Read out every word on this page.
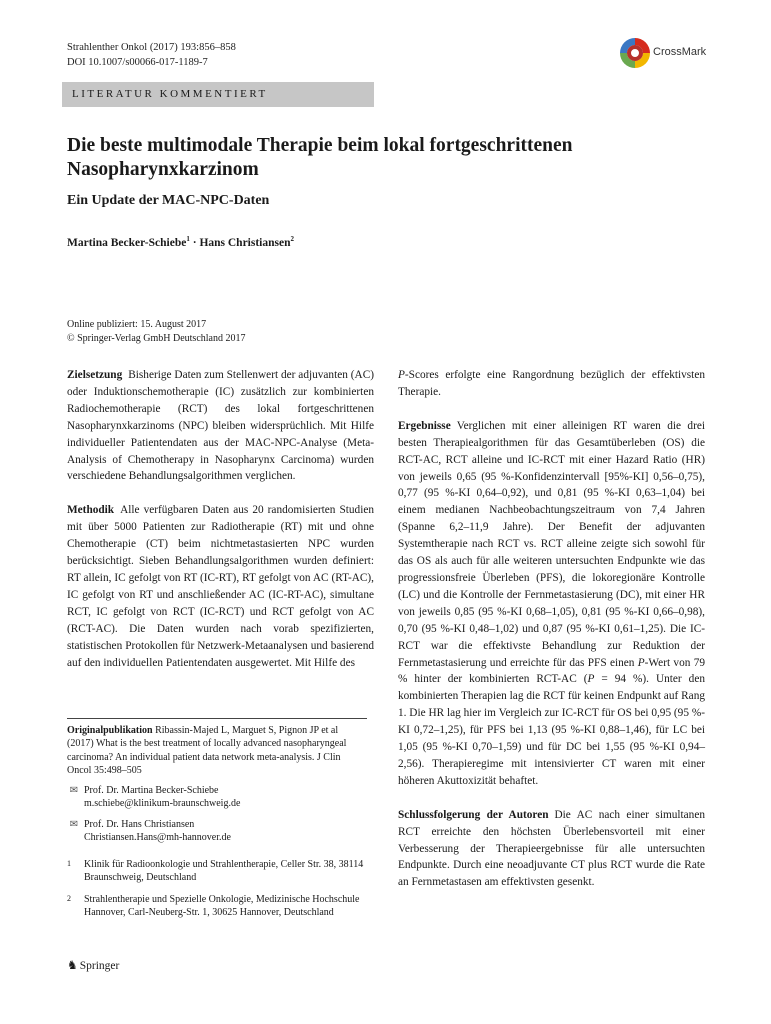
Strahlenther Onkol (2017) 193:856–858
DOI 10.1007/s00066-017-1189-7
CrossMark
LITERATUR KOMMENTIERT
Die beste multimodale Therapie beim lokal fortgeschrittenen Nasopharynxkarzinom
Ein Update der MAC-NPC-Daten
Martina Becker-Schiebe$^1$ · Hans Christiansen$^2$
Online publiziert: 15. August 2017
© Springer-Verlag GmbH Deutschland 2017

Zielsetzung Bisherige Daten zum Stellenwert der adjuvanten (AC) oder Induktionschemotherapie (IC) zusätzlich zur kombinierten Radiochemotherapie (RCT) des lokal fortgeschrittenen Nasopharynxkarzinoms (NPC) bleiben widersprüchlich. Mit Hilfe individueller Patientendaten aus der MAC-NPC-Analyse (Meta-Analysis of Chemotherapy in Nasopharynx Carcinoma) wurden verschiedene Behandlungsalgorithmen verglichen.

Methodik Alle verfügbaren Daten aus 20 randomisierten Studien mit über 5000 Patienten zur Radiotherapie (RT) mit und ohne Chemotherapie (CT) beim nichtmetastasierten NPC wurden berücksichtigt. Sieben Behandlungsalgorithmen wurden definiert: RT allein, IC gefolgt von RT (IC-RT), RT gefolgt von AC (RT-AC), IC gefolgt von RT und anschließender AC (IC-RT-AC), simultane RCT, IC gefolgt von RCT (IC-RCT) und RCT gefolgt von AC (RCT-AC). Die Daten wurden nach vorab spezifizierten, statistischen Protokollen für Netzwerk-Metaanalysen und basierend auf den individuellen Patientendaten ausgewertet. Mit Hilfe des

Originalpublikation Ribassin-Majed L, Marguet S, Pignon JP et al (2017) What is the best treatment of locally advanced nasopharyngeal carcinoma? An individual patient data network meta-analysis. J Clin Oncol 35:498–505
✉ Prof. Dr. Martina Becker-Schiebe
m.schiebe@klinikum-braunschweig.de
✉ Prof. Dr. Hans Christiansen
Christiansen.Hans@mh-hannover.de
1 Klinik für Radioonkologie und Strahlentherapie, Celler Str. 38, 38114 Braunschweig, Deutschland
2 Strahlentherapie und Spezielle Onkologie, Medizinische Hochschule Hannover, Carl-Neuberg-Str. 1, 30625 Hannover, Deutschland

P-Scores erfolgte eine Rangordnung bezüglich der effektivsten Therapie.

Ergebnisse Verglichen mit einer alleinigen RT waren die drei besten Therapiealgorithmen für das Gesamtüberleben (OS) die RCT-AC, RCT alleine und IC-RCT mit einer Hazard Ratio (HR) von jeweils 0,65 (95 %-Konfidenzintervall [95%-KI] 0,56–0,75), 0,77 (95 %-KI 0,64–0,92), und 0,81 (95 %-KI 0,63–1,04) bei einem medianen Nachbeobachtungszeitraum von 7,4 Jahren (Spanne 6,2–11,9 Jahre). Der Benefit der adjuvanten Systemtherapie nach RCT vs. RCT alleine zeigte sich sowohl für das OS als auch für alle weiteren untersuchten Endpunkte wie das progressionsfreie Überleben (PFS), die lokoregionäre Kontrolle (LC) und die Kontrolle der Fernmetastasierung (DC), mit einer HR von jeweils 0,85 (95 %-KI 0,68–1,05), 0,81 (95 %-KI 0,66–0,98), 0,70 (95 %-KI 0,48–1,02) und 0,87 (95 %-KI 0,61–1,25). Die IC-RCT war die effektivste Behandlung zur Reduktion der Fernmetastasierung und erreichte für das PFS einen P-Wert von 79 % hinter der kombinierten RCT-AC (P = 94 %). Unter den kombinierten Therapien lag die RCT für keinen Endpunkt auf Rang 1. Die HR lag hier im Vergleich zur IC-RCT für OS bei 0,95 (95 %-KI 0,72–1,25), für PFS bei 1,13 (95 %-KI 0,88–1,46), für LC bei 1,05 (95 %-KI 0,70–1,59) und für DC bei 1,55 (95 %-KI 0,94–2,56). Therapieregime mit intensivierter CT waren mit einer höheren Akuttoxizität behaftet.

Schlussfolgerung der Autoren Die AC nach einer simultanen RCT erreichte den höchsten Überlebensvorteil mit einer Verbesserung der Therapieergebnisse für alle untersuchten Endpunkte. Durch eine neoadjuvante CT plus RCT wurde die Rate an Fernmetastasen am effektivsten gesenkt.

♞ Springer
